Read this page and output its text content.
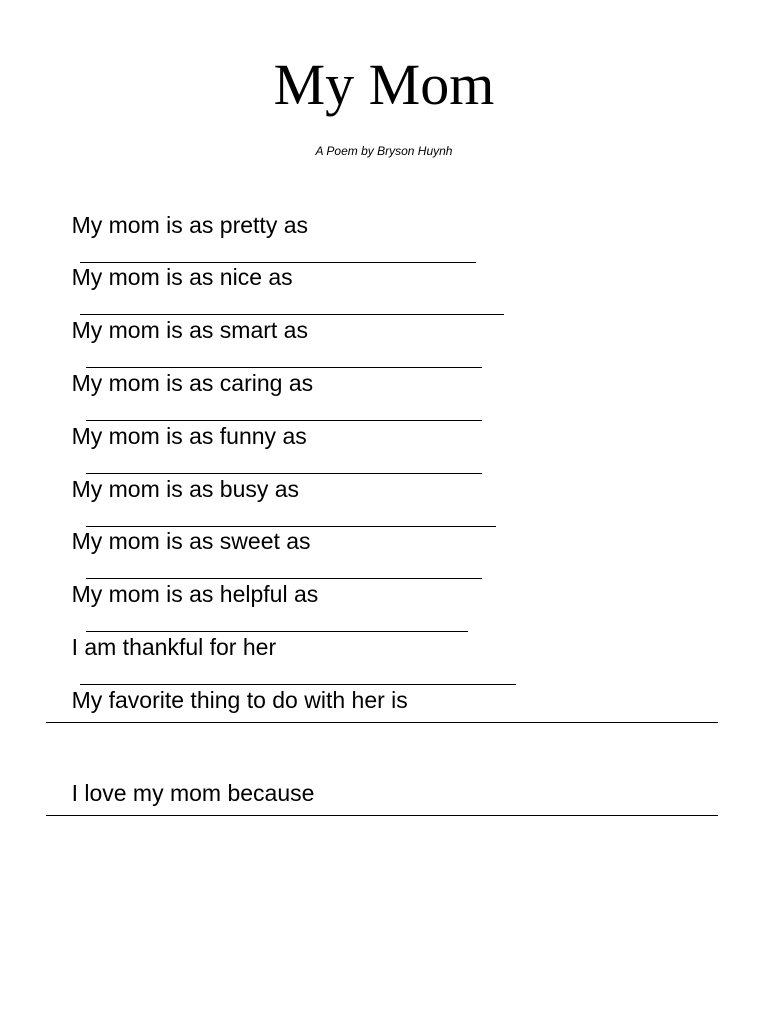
My Mom
A Poem by Bryson Huynh

My mom is as pretty as

My mom is as nice as

My mom is as smart as

My mom is as caring as

My mom is as funny as

My mom is as busy as

My mom is as sweet as

My mom is as helpful as

I am thankful for her

My favorite thing to do with her is

I love my mom because
